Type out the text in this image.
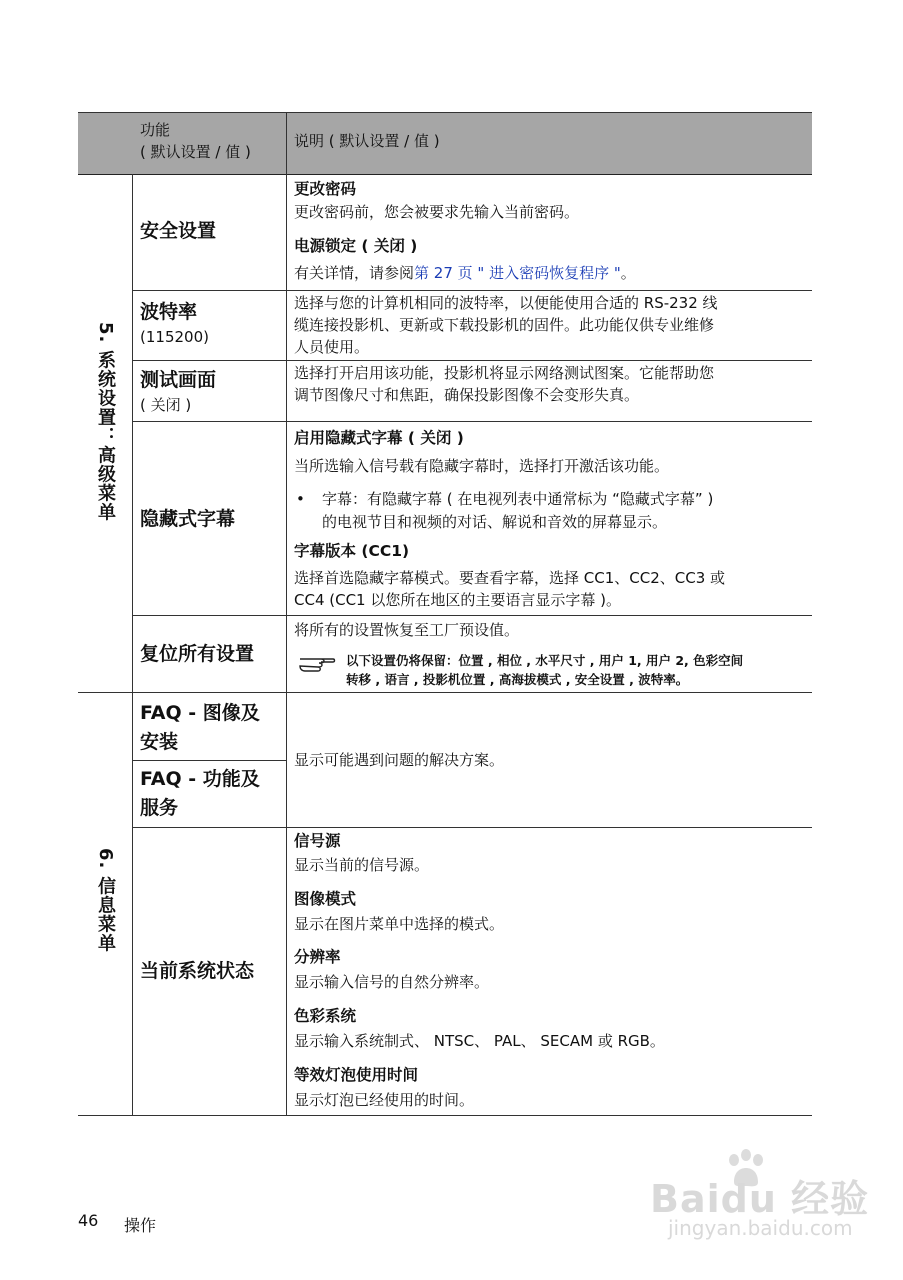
功能
( 默认设置 / 值 )
说明 ( 默认设置 / 值 )
5. 系统设置：高级菜单
6. 信息菜单
安全设置
更改密码
更改密码前，您会被要求先输入当前密码。
电源锁定 ( 关闭 )
有关详情，请参阅第 27 页 " 进入密码恢复程序 "。
波特率
(115200)
选择与您的计算机相同的波特率，以便能使用合适的 RS-232 线
缆连接投影机、更新或下载投影机的固件。此功能仅供专业维修
人员使用。
测试画面
( 关闭 )
选择打开启用该功能，投影机将显示网络测试图案。它能帮助您
调节图像尺寸和焦距，确保投影图像不会变形失真。
隐藏式字幕
启用隐藏式字幕 ( 关闭 )
当所选输入信号载有隐藏字幕时，选择打开激活该功能。
• 字幕：有隐藏字幕 ( 在电视列表中通常标为 “隐藏式字幕” )
的电视节目和视频的对话、解说和音效的屏幕显示。
字幕版本 (CC1)
选择首选隐藏字幕模式。要查看字幕，选择 CC1、CC2、CC3 或
CC4 (CC1 以您所在地区的主要语言显示字幕 )。
复位所有设置
将所有的设置恢复至工厂预设值。
以下设置仍将保留：位置 , 相位 , 水平尺寸 , 用户 1, 用户 2, 色彩空间
转移 , 语言 , 投影机位置 , 高海拔模式 , 安全设置 , 波特率。
FAQ - 图像及
安装
FAQ - 功能及
服务
显示可能遇到问题的解决方案。
当前系统状态
信号源
显示当前的信号源。
图像模式
显示在图片菜单中选择的模式。
分辨率
显示输入信号的自然分辨率。
色彩系统
显示输入系统制式、 NTSC、 PAL、 SECAM 或 RGB。
等效灯泡使用时间
显示灯泡已经使用的时间。
46 操作
Baidu 经验
jingyan.baidu.com
